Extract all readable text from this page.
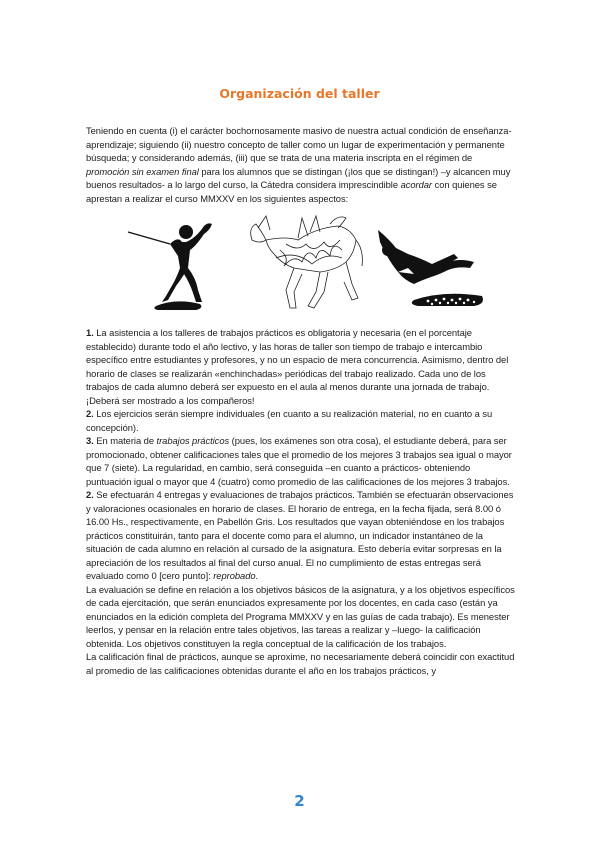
Organización del taller

Teniendo en cuenta (i) el carácter bochornosamente masivo de nuestra actual condición de enseñanza-aprendizaje; siguiendo (ii) nuestro concepto de taller como un lugar de experimentación y permanente búsqueda; y considerando además, (iii) que se trata de una materia inscripta en el régimen de promoción sin examen final para los alumnos que se distingan (¡los que se distingan!) –y alcancen muy buenos resultados- a lo largo del curso, la Cátedra considera imprescindible acordar con quienes se aprestan a realizar el curso MMXXV en los siguientes aspectos:

1. La asistencia a los talleres de trabajos prácticos es obligatoria y necesaria (en el porcentaje establecido) durante todo el año lectivo, y las horas de taller son tiempo de trabajo e intercambio específico entre estudiantes y profesores, y no un espacio de mera concurrencia. Asimismo, dentro del horario de clases se realizarán «enchinchadas» periódicas del trabajo realizado. Cada uno de los trabajos de cada alumno deberá ser expuesto en el aula al menos durante una jornada de trabajo. ¡Deberá ser mostrado a los compañeros!

2. Los ejercicios serán siempre individuales (en cuanto a su realización material, no en cuanto a su concepción).

3. En materia de trabajos prácticos (pues, los exámenes son otra cosa), el estudiante deberá, para ser promocionado, obtener calificaciones tales que el promedio de los mejores 3 trabajos sea igual o mayor que 7 (siete). La regularidad, en cambio, será conseguida –en cuanto a prácticos- obteniendo puntuación igual o mayor que 4 (cuatro) como promedio de las calificaciones de los mejores 3 trabajos.

2. Se efectuarán 4 entregas y evaluaciones de trabajos prácticos. También se efectuarán observaciones y valoraciones ocasionales en horario de clases. El horario de entrega, en la fecha fijada, será 8.00 ó 16.00 Hs., respectivamente, en Pabellón Gris. Los resultados que vayan obteniéndose en los trabajos prácticos constituirán, tanto para el docente como para el alumno, un indicador instantáneo de la situación de cada alumno en relación al cursado de la asignatura. Esto debería evitar sorpresas en la apreciación de los resultados al final del curso anual. El no cumplimiento de estas entregas será evaluado como 0 [cero punto]: reprobado.

La evaluación se define en relación a los objetivos básicos de la asignatura, y a los objetivos específicos de cada ejercitación, que serán enunciados expresamente por los docentes, en cada caso (están ya enunciados en la edición completa del Programa MMXXV y en las guías de cada trabajo). Es menester leerlos, y pensar en la relación entre tales objetivos, las tareas a realizar y –luego- la calificación obtenida. Los objetivos constituyen la regla conceptual de la calificación de los trabajos.

La calificación final de prácticos, aunque se aproxime, no necesariamente deberá coincidir con exactitud al promedio de las calificaciones obtenidas durante el año en los trabajos prácticos, y

2
